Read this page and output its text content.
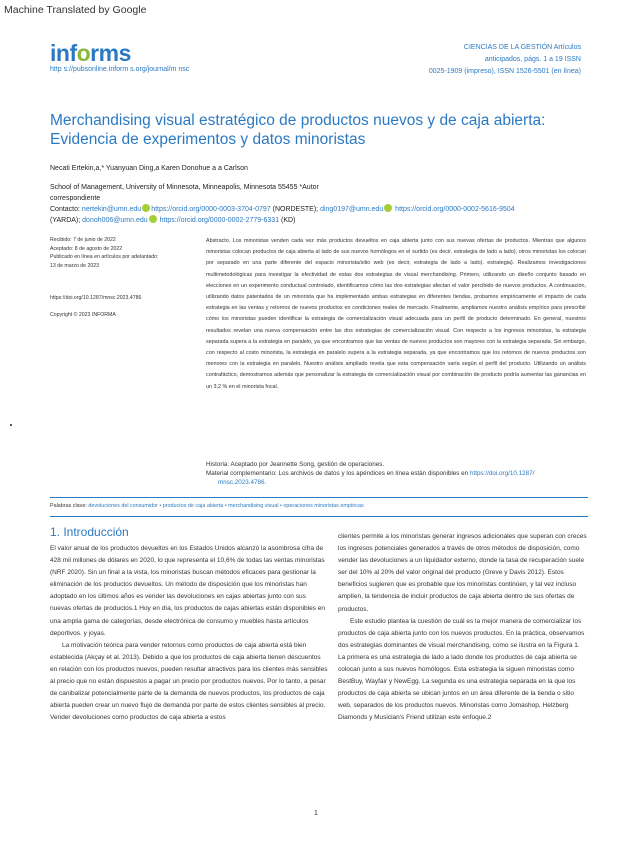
Machine Translated by Google
informs
http s://pubsonline.inform s.org/journal/m nsc
CIENCIAS DE LA GESTIÓN Artículos
anticipados, págs. 1 a 19 ISSN
0025-1909 (impreso), ISSN 1526-5501 (en línea)
Merchandising visual estratégico de productos nuevos y de caja abierta: Evidencia de experimentos y datos minoristas
Necati Ertekin,a,* Yuanyuan Ding,a Karen Donohue a a Carlson
School of Management, University of Minnesota, Minneapolis, Minnesota 55455 *Autor
correspondiente
Contacto: nertekin@umn.edu https://orcid.org/0000-0003-3704-0797 (NORDESTE); ding0197@umn.edu https://orcid.org/0000-0002-5616-9504
(YARDA); donoh006@umn.edu https://orcid.org/0000-0002-2779-6331 (KD)
Recibido: 7 de junio de 2022
Aceptado: 8 de agosto de 2022
Publicado en línea en artículos por adelantado:
13 de marzo de 2023
https://doi.org/10.1287/mnsc.2023.4786
Copyright © 2023 INFORMA
Abstracto. Los minoristas venden cada vez más productos devueltos en caja abierta junto con sus nuevas ofertas de productos. Mientras que algunos minoristas colocan productos de caja abierta al lado de sus nuevos homólogos en el surtido (es decir, estrategia de lado a lado), otros minoristas los colocan por separado en una parte diferente del espacio minorista/sitio web (es decir, estrategia de lado a lado). estrategia). Realizamos investigaciones multimetodológicas para investigar la efectividad de estas dos estrategias de visual merchandising. Primero, utilizando un diseño conjunto basado en elecciones en un experimento conductual controlado, identificamos cómo las dos estrategias afectan el valor percibido de nuevos productos. A continuación, utilizando datos patentados de un minorista que ha implementado ambas estrategias en diferentes tiendas, probamos empíricamente el impacto de cada estrategia en las ventas y retornos de nuevos productos en condiciones reales de mercado. Finalmente, ampliamos nuestro análisis empírico para prescribir cómo los minoristas pueden identificar la estrategia de comercialización visual adecuada para un perfil de producto determinado. En general, nuestros resultados revelan una nueva compensación entre las dos estrategias de comercialización visual. Con respecto a los ingresos minoristas, la estrategia separada supera a la estrategia en paralelo, ya que encontramos que las ventas de nuevos productos son mayores con la estrategia separada. Sin embargo, con respecto al costo minorista, la estrategia en paralelo supera a la estrategia separada, ya que encontramos que los retornos de nuevos productos son menores con la estrategia en paralelo. Nuestro análisis ampliado revela que esta compensación varía según el perfil del producto. Utilizando un análisis contrafáctico, demostramos además que personalizar la estrategia de comercialización visual por combinación de producto podría aumentar las ganancias en un 3,2 % en el minorista focal.
Historia: Aceptado por Jeannette Song, gestión de operaciones.
Material complementario: Los archivos de datos y los apéndices en línea están disponibles en https://doi.org/10.1287/
mnsc.2023.4786.
Palabras clave: devoluciones del consumidor • productos de caja abierta • merchandising visual • operaciones minoristas empíricas
1. Introducción

El valor anual de los productos devueltos en los Estados Unidos alcanzó la asombrosa cifra de 428 mil millones de dólares en 2020, lo que representa el 10,6% de todas las ventas minoristas (NRF 2020). Sin un final a la vista, los minoristas buscan métodos eficaces para gestionar la eliminación de los productos devueltos. Un método de disposición que los minoristas han adoptado en los últimos años es vender las devoluciones en cajas abiertas junto con sus nuevas ofertas de productos.1 Hoy en día, los productos de cajas abiertas están disponibles en una amplia gama de categorías, desde electrónica de consumo y muebles hasta artículos deportivos. y joyas.

La motivación teórica para vender retornos como productos de caja abierta está bien establecida (Akçay et al. 2013). Debido a que los productos de caja abierta tienen descuentos en relación con los productos nuevos, pueden resultar atractivos para los clientes más sensibles al precio que no están dispuestos a pagar un precio por productos nuevos. Por lo tanto, a pesar de canibalizar potencialmente parte de la demanda de nuevos productos, los productos de caja abierta pueden crear un nuevo flujo de demanda por parte de estos clientes sensibles al precio. Vender devoluciones como productos de caja abierta a estos

clientes permite a los minoristas generar ingresos adicionales que superan con creces los ingresos potenciales generados a través de otros métodos de disposición, como vender las devoluciones a un liquidador externo, donde la tasa de recuperación suele ser del 10% al 20% del valor original del producto (Greve y Davis 2012). Estos beneficios sugieren que es probable que los minoristas continúen, y tal vez incluso amplíen, la tendencia de incluir productos de caja abierta dentro de sus ofertas de productos.

Este estudio plantea la cuestión de cuál es la mejor manera de comercializar los productos de caja abierta junto con los nuevos productos. En la práctica, observamos dos estrategias dominantes de visual merchandising, como se ilustra en la Figura 1. La primera es una estrategia de lado a lado donde los productos de caja abierta se colocan junto a sus nuevos homólogos. Esta estrategia la siguen minoristas como BestBuy, Wayfair y NewEgg. La segunda es una estrategia separada en la que los productos de caja abierta se ubican juntos en un área diferente de la tienda o sitio web, separados de los productos nuevos. Minoristas como Jomashop, Helzberg Diamonds y Musician's Friend utilizan este enfoque.2

1
